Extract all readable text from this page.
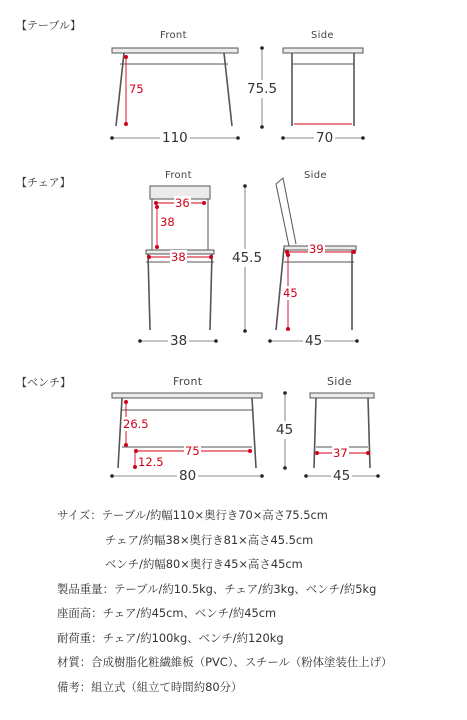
【テーブル】
【チェア】
【ベンチ】
Front	Side
Front	Side
Front	Side
75	75.5
110	70
36
38
38	45.5
38
39
45
45
26.5
75
12.5
80
45
37
45
サイズ：テーブル/約幅110×奥行き70×高さ75.5cm
チェア/約幅38×奥行き81×高さ45.5cm
ベンチ/約幅80×奥行き45×高さ45cm
製品重量：テーブル/約10.5kg、チェア/約3kg、ベンチ/約5kg
座面高：チェア/約45cm、ベンチ/約45cm
耐荷重：チェア/約100kg、ベンチ/約120kg
材質：合成樹脂化粧繊維板（PVC）、スチール（粉体塗装仕上げ）
備考：組立式（組立て時間約80分）
